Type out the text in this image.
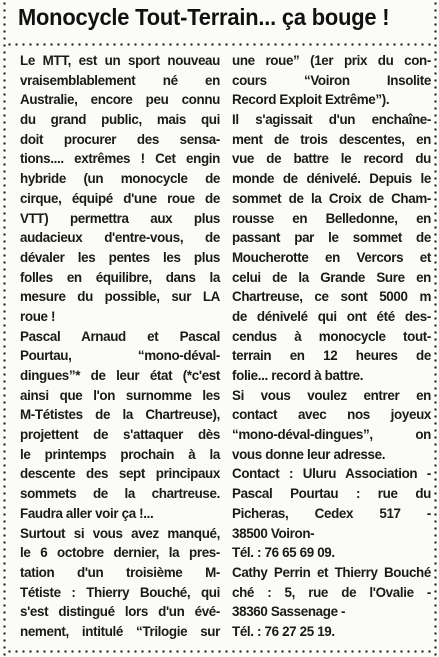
Monocycle Tout-Terrain... ça bouge !
Le MTT, est un sport nouveau
vraisemblablement né en
Australie, encore peu connu
du grand public, mais qui
doit procurer des sensa-
tions.... extrêmes ! Cet engin
hybride (un monocycle de
cirque, équipé d'une roue de
VTT) permettra aux plus
audacieux d'entre-vous, de
dévaler les pentes les plus
folles en équilibre, dans la
mesure du possible, sur LA
roue !
Pascal Arnaud et Pascal
Pourtau, “mono-déval-
dingues”* de leur état (*c'est
ainsi que l'on surnomme les
M-Tétistes de la Chartreuse),
projettent de s'attaquer dès
le printemps prochain à la
descente des sept principaux
sommets de la chartreuse.
Faudra aller voir ça !...
Surtout si vous avez manqué,
le 6 octobre dernier, la pres-
tation d'un troisième M-
Tétiste : Thierry Bouché, qui
s'est distingué lors d'un évé-
nement, intitulé “Trilogie sur
une roue” (1er prix du con-
cours “Voiron Insolite
Record Exploit Extrême”).
Il s'agissait d'un enchaîne-
ment de trois descentes, en
vue de battre le record du
monde de dénivelé. Depuis le
sommet de la Croix de Cham-
rousse en Belledonne, en
passant par le sommet de
Moucherotte en Vercors et
celui de la Grande Sure en
Chartreuse, ce sont 5000 m
de dénivelé qui ont été des-
cendus à monocycle tout-
terrain en 12 heures de
folie... record à battre.
Si vous voulez entrer en
contact avec nos joyeux
“mono-déval-dingues”, on
vous donne leur adresse.
Contact : Uluru Association -
Pascal Pourtau : rue du
Picheras, Cedex 517 -
38500 Voiron-
Tél. : 76 65 69 09.
Cathy Perrin et Thierry Bouché
ché : 5, rue de l'Ovalie -
38360 Sassenage -
Tél. : 76 27 25 19.
